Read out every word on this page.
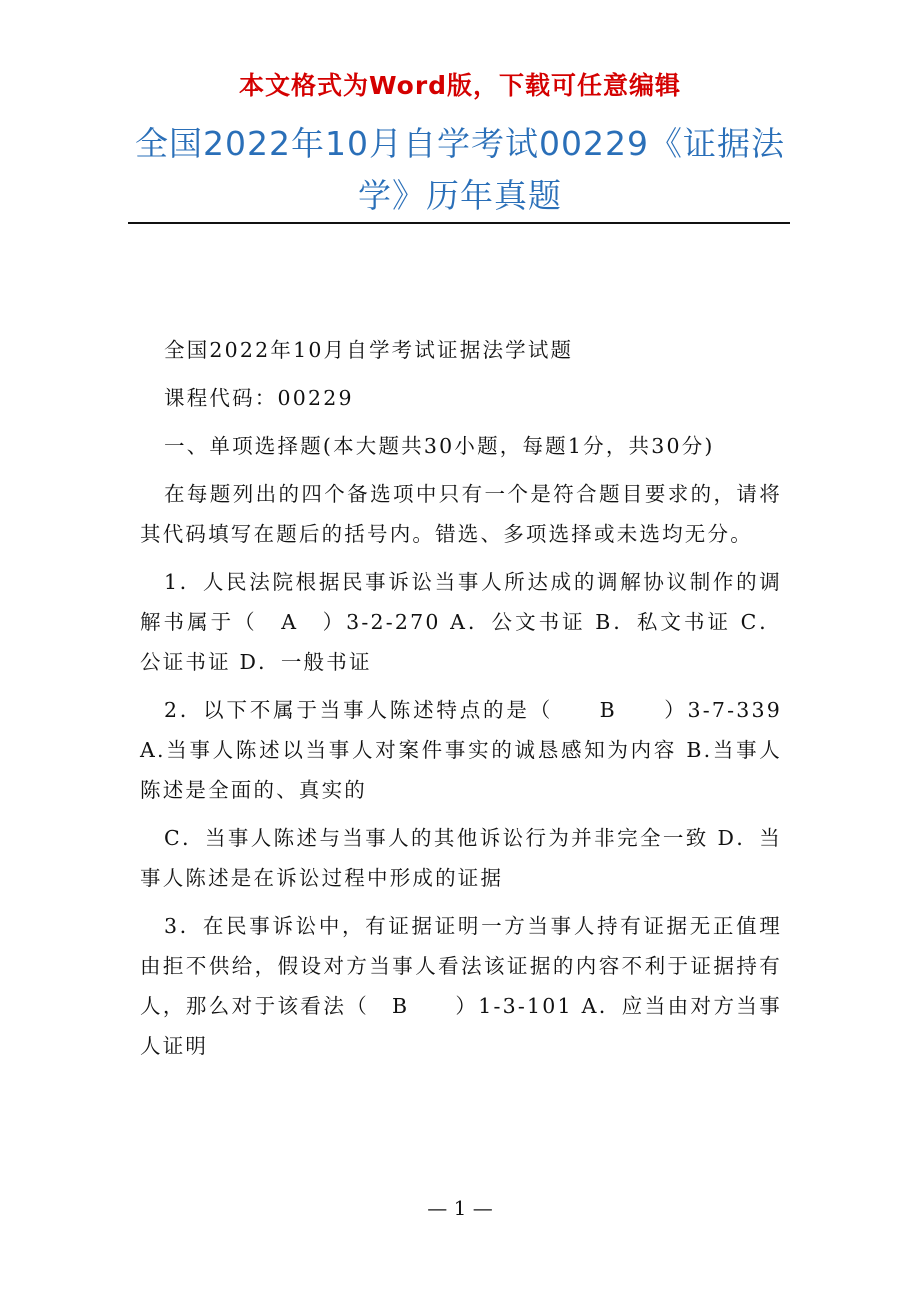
本文格式为Word版，下载可任意编辑
全国2022年10月自学考试00229《证据法学》历年真题

全国2022年10月自学考试证据法学试题

课程代码：00229

一、单项选择题(本大题共30小题，每题1分，共30分)

在每题列出的四个备选项中只有一个是符合题目要求的，请将其代码填写在题后的括号内。错选、多项选择或未选均无分。

1．人民法院根据民事诉讼当事人所达成的调解协议制作的调解书属于（　A　）3-2-270 A．公文书证 B．私文书证 C．公证书证 D．一般书证

2．以下不属于当事人陈述特点的是（　　B　　）3-7-339 A.当事人陈述以当事人对案件事实的诚恳感知为内容 B.当事人陈述是全面的、真实的

C．当事人陈述与当事人的其他诉讼行为并非完全一致 D．当事人陈述是在诉讼过程中形成的证据

3．在民事诉讼中，有证据证明一方当事人持有证据无正值理由拒不供给，假设对方当事人看法该证据的内容不利于证据持有人，那么对于该看法（　B　　）1-3-101 A．应当由对方当事人证明

— 1 —
